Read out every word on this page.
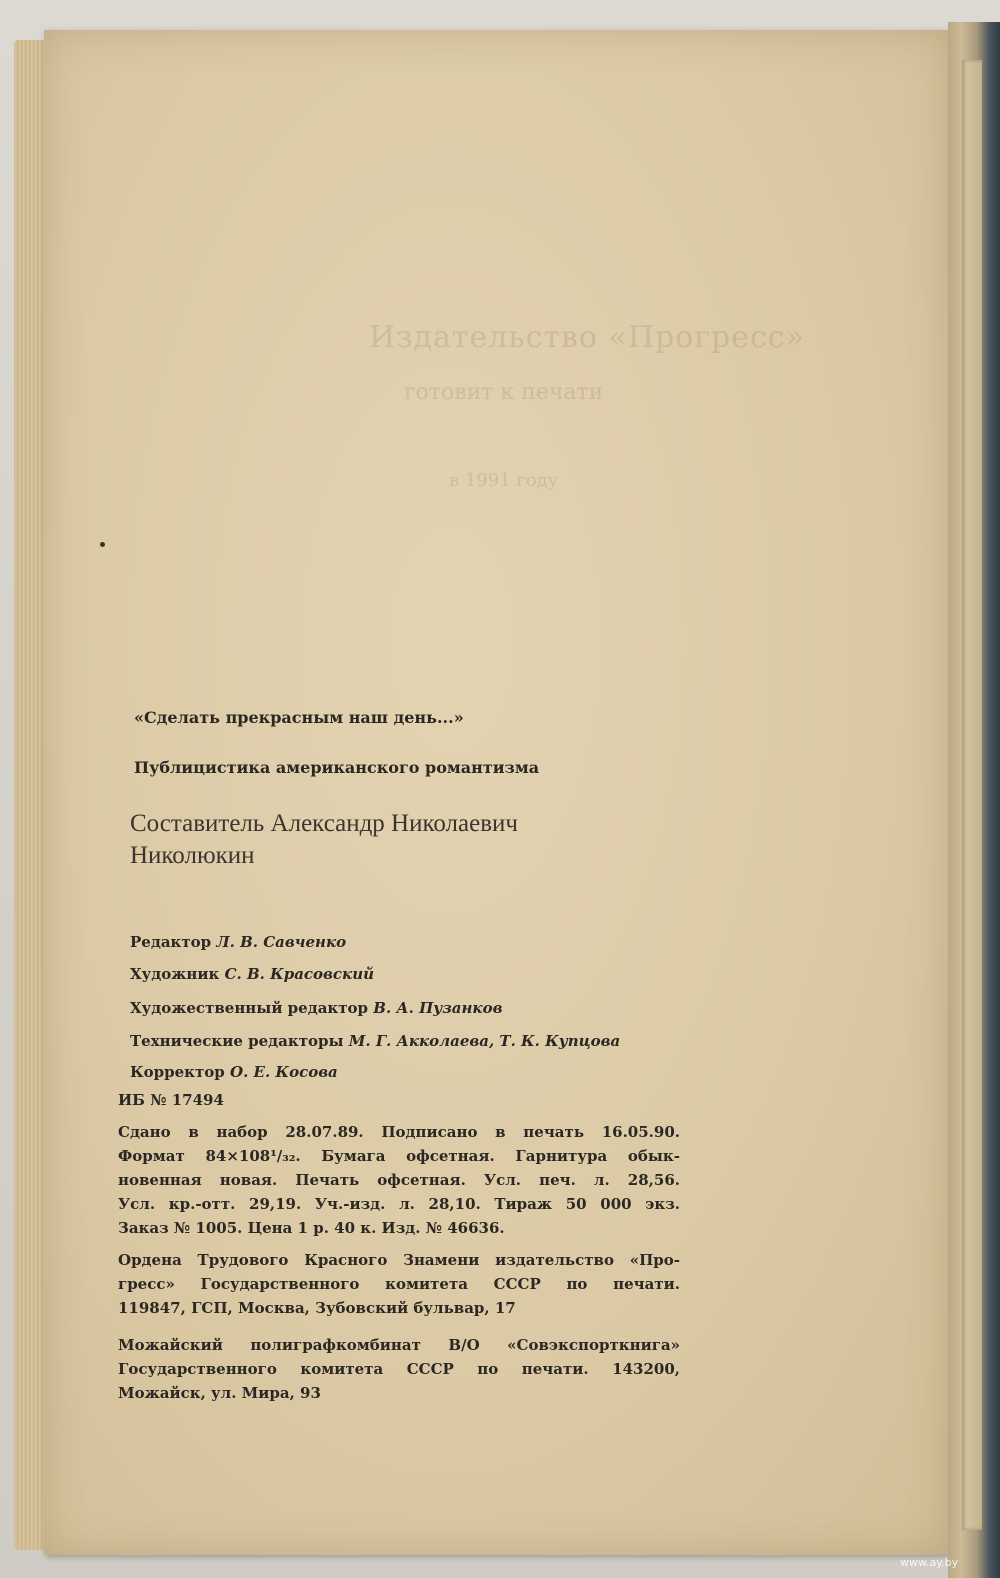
Издательство «Прогресс»
готовит к печати
в 1991 году
«Сделать прекрасным наш день...»
Публицистика американского романтизма
Составитель Александр Николаевич
Николюкин
Редактор Л. В. Савченко
Художник С. В. Красовский
Художественный редактор В. А. Пузанков
Технические редакторы М. Г. Акколаева, Т. К. Купцова
Корректор О. Е. Косова
ИБ № 17494
Сдано в набор 28.07.89. Подписано в печать 16.05.90.
Формат 84×108¹/₃₂. Бумага офсетная. Гарнитура обык-
новенная новая. Печать офсетная. Усл. печ. л. 28,56.
Усл. кр.-отт. 29,19. Уч.-изд. л. 28,10. Тираж 50 000 экз.
Заказ № 1005. Цена 1 р. 40 к. Изд. № 46636.
Ордена Трудового Красного Знамени издательство «Про-
гресс» Государственного комитета СССР по печати.
119847, ГСП, Москва, Зубовский бульвар, 17
Можайский полиграфкомбинат В/О «Совэкспорткнига»
Государственного комитета СССР по печати. 143200,
Можайск, ул. Мира, 93
www.ay.by
